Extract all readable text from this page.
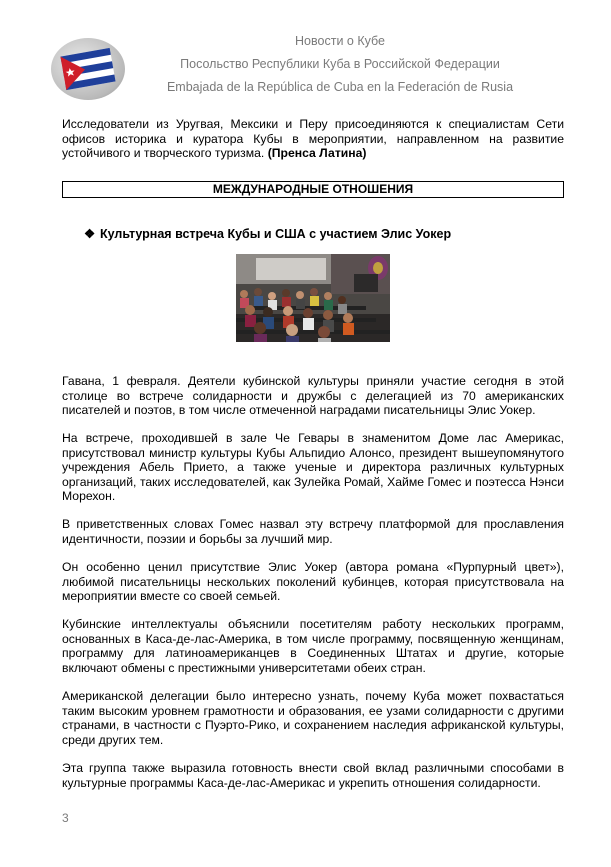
Новости о Кубе
Посольство Республики Куба в Российской Федерации
Embajada de la República de Cuba en la Federación de Rusia

Исследователи из Уругвая, Мексики и Перу присоединяются к специалистам Сети офисов историка и куратора Кубы в мероприятии, направленном на развитие устойчивого и творческого туризма. (Пренса Латина)

МЕЖДУНАРОДНЫЕ ОТНОШЕНИЯ
❖ Культурная встреча Кубы и США с участием Элис Уокер

Гавана, 1 февраля. Деятели кубинской культуры приняли участие сегодня в этой столице во встрече солидарности и дружбы с делегацией из 70 американских писателей и поэтов, в том числе отмеченной наградами писательницы Элис Уокер.

На встрече, проходившей в зале Че Гевары в знаменитом Доме лас Америкас, присутствовал министр культуры Кубы Альпидио Алонсо, президент вышеупомянутого учреждения Абель Прието, а также ученые и директора различных культурных организаций, таких исследователей, как Зулейка Ромай, Хайме Гомес и поэтесса Нэнси Морехон.

В приветственных словах Гомес назвал эту встречу платформой для прославления идентичности, поэзии и борьбы за лучший мир.

Он особенно ценил присутствие Элис Уокер (автора романа «Пурпурный цвет»), любимой писательницы нескольких поколений кубинцев, которая присутствовала на мероприятии вместе со своей семьей.

Кубинские интеллектуалы объяснили посетителям работу нескольких программ, основанных в Каса-де-лас-Америка, в том числе программу, посвященную женщинам, программу для латиноамериканцев в Соединенных Штатах и другие, которые включают обмены с престижными университетами обеих стран.

Американской делегации было интересно узнать, почему Куба может похвастаться таким высоким уровнем грамотности и образования, ее узами солидарности с другими странами, в частности с Пуэрто-Рико, и сохранением наследия африканской культуры, среди других тем.

Эта группа также выразила готовность внести свой вклад различными способами в культурные программы Каса-де-лас-Америкас и укрепить отношения солидарности.

3
